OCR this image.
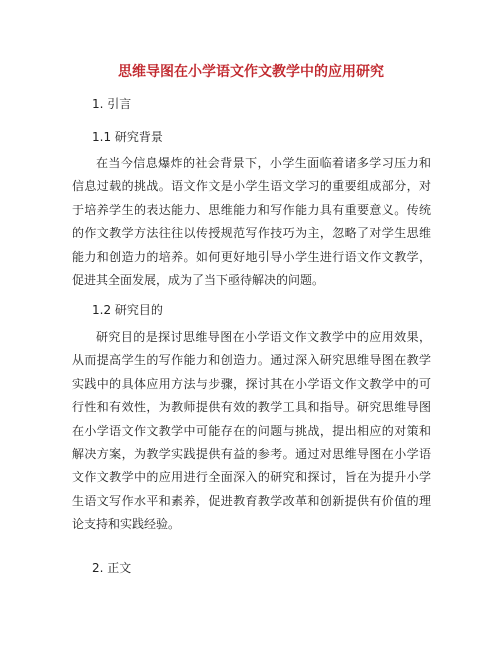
思维导图在小学语文作文教学中的应用研究
1. 引言
1.1 研究背景

在当今信息爆炸的社会背景下，小学生面临着诸多学习压力和信息过载的挑战。语文作文是小学生语文学习的重要组成部分，对于培养学生的表达能力、思维能力和写作能力具有重要意义。传统的作文教学方法往往以传授规范写作技巧为主，忽略了对学生思维能力和创造力的培养。如何更好地引导小学生进行语文作文教学，促进其全面发展，成为了当下亟待解决的问题。

1.2 研究目的

研究目的是探讨思维导图在小学语文作文教学中的应用效果，从而提高学生的写作能力和创造力。通过深入研究思维导图在教学实践中的具体应用方法与步骤，探讨其在小学语文作文教学中的可行性和有效性，为教师提供有效的教学工具和指导。研究思维导图在小学语文作文教学中可能存在的问题与挑战，提出相应的对策和解决方案，为教学实践提供有益的参考。通过对思维导图在小学语文作文教学中的应用进行全面深入的研究和探讨，旨在为提升小学生语文写作水平和素养，促进教育教学改革和创新提供有价值的理论支持和实践经验。

2. 正文
